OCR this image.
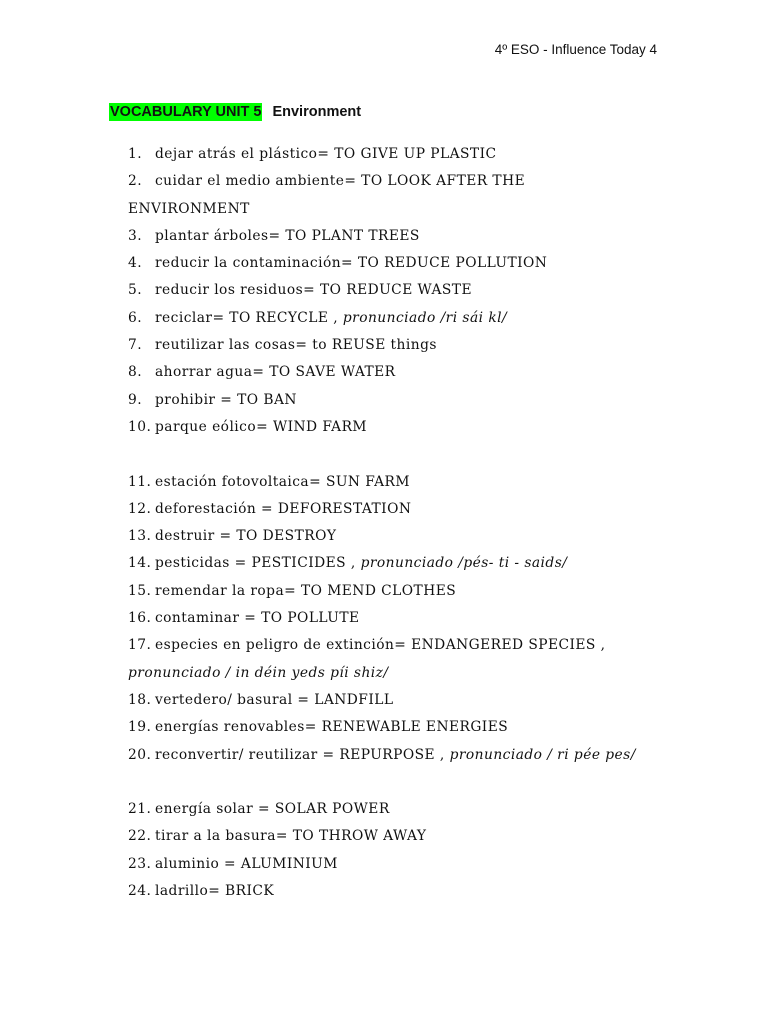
4º ESO - Influence Today 4
VOCABULARY UNIT 5 Environment
1. dejar atrás el plástico= TO GIVE UP PLASTIC
2. cuidar el medio ambiente= TO LOOK AFTER THE ENVIRONMENT
3. plantar árboles= TO PLANT TREES
4. reducir la contaminación= TO REDUCE POLLUTION
5. reducir los residuos= TO REDUCE WASTE
6. reciclar= TO RECYCLE , pronunciado /ri sái kl/
7. reutilizar las cosas= to REUSE things
8. ahorrar agua= TO SAVE WATER
9. prohibir = TO BAN
10. parque eólico= WIND FARM
11. estación fotovoltaica= SUN FARM
12. deforestación = DEFORESTATION
13. destruir = TO DESTROY
14. pesticidas = PESTICIDES , pronunciado /pés- ti - saids/
15. remendar la ropa= TO MEND CLOTHES
16. contaminar = TO POLLUTE
17. especies en peligro de extinción= ENDANGERED SPECIES , pronunciado / in déin yeds píi shiz/
18. vertedero/ basural = LANDFILL
19. energías renovables= RENEWABLE ENERGIES
20. reconvertir/ reutilizar = REPURPOSE , pronunciado / ri pée pes/
21. energía solar = SOLAR POWER
22. tirar a la basura= TO THROW AWAY
23. aluminio = ALUMINIUM
24. ladrillo= BRICK
